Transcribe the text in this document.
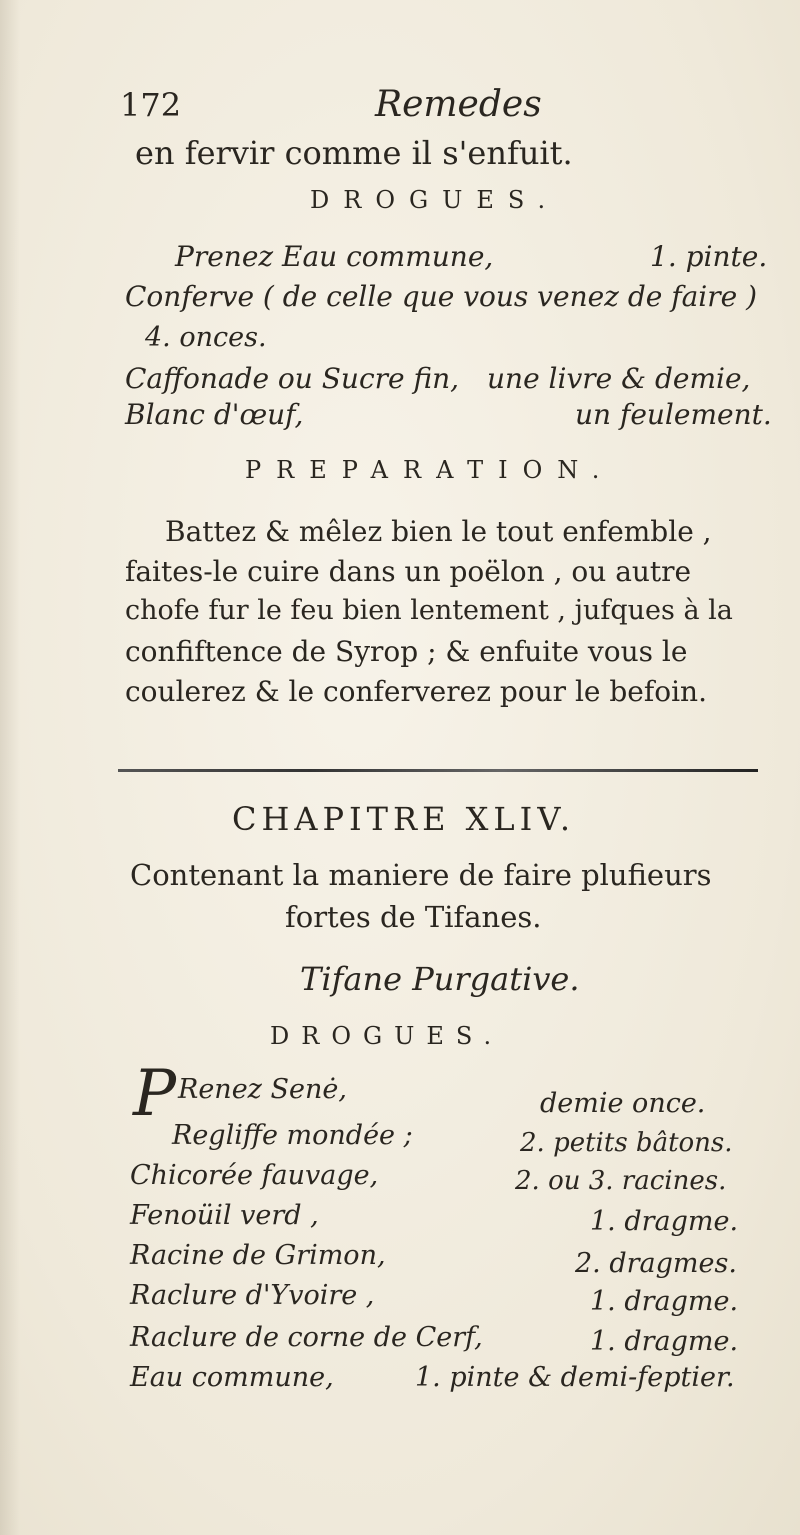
172	Remedes
en fervir comme il s'enfuit.
DROGUES.
Prenez Eau commune,	1. pinte.
Conferve ( de celle que vous venez de faire )
4. onces.
Caffonade ou Sucre fin, une livre & demie,
Blanc d'œuf,	un feulement.
PREPARATION.
Battez & mêlez bien le tout enfemble ,
faites-le cuire dans un poëlon , ou autre
chofe fur le feu bien lentement , jufques à la
confiftence de Syrop ; & enfuite vous le
coulerez & le conferverez pour le befoin.
CHAPITRE XLIV.
Contenant la maniere de faire plufieurs
fortes de Tifanes.
Tifane Purgative.
DROGUES.
P Renez Senė,	demie once.
Regliffe mondée ;	2. petits bâtons.
Chicorée fauvage,	2. ou 3. racines.
Fenoüil verd ,	1. dragme.
Racine de Grimon,	2. dragmes.
Raclure d'Yvoire ,	1. dragme.
Raclure de corne de Cerf,	1. dragme.
Eau commune,	1. pinte & demi-feptier.
